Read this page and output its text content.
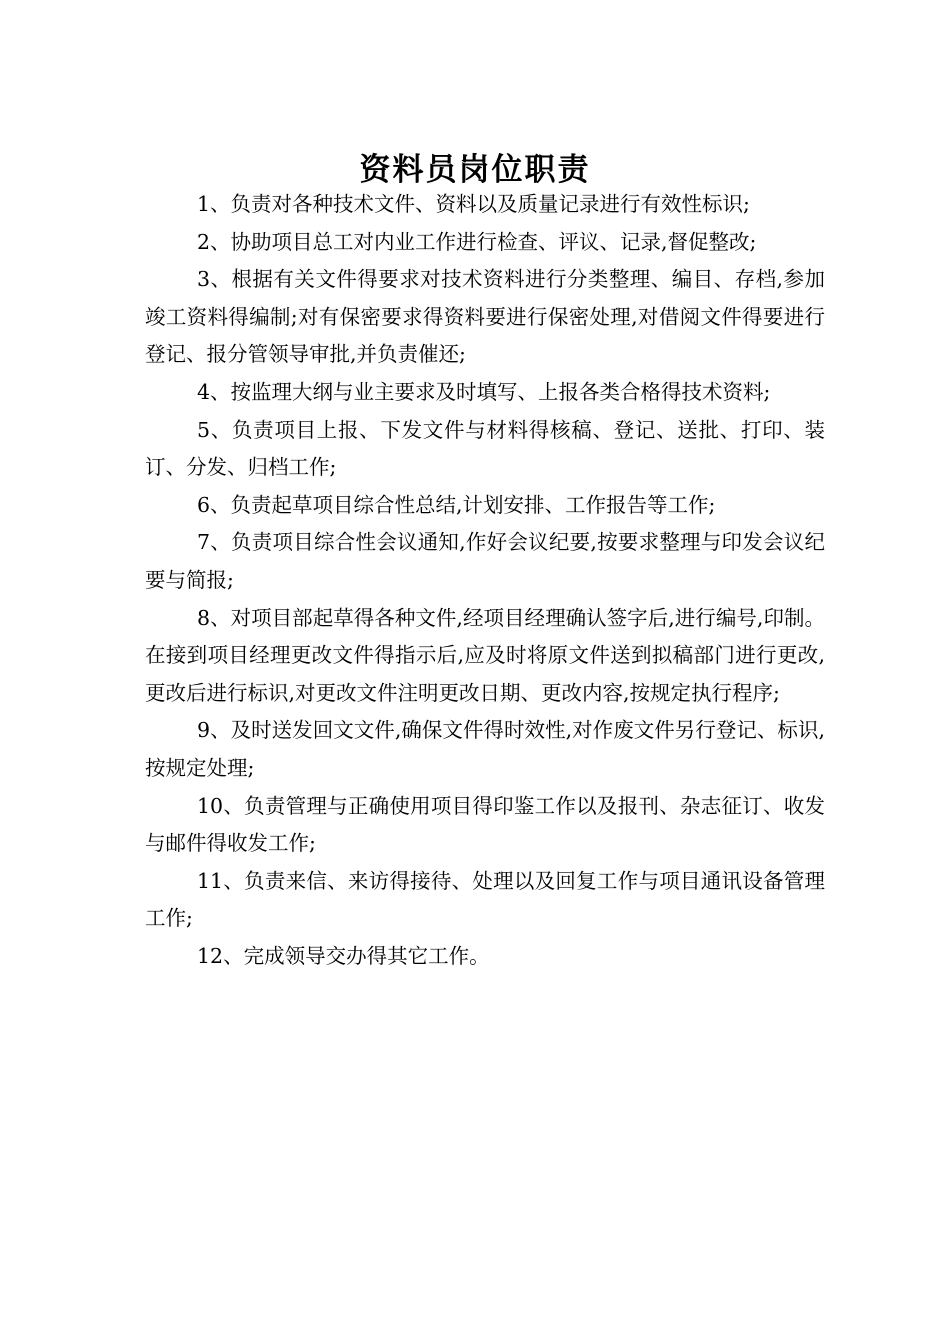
资料员岗位职责

1、负责对各种技术文件、资料以及质量记录进行有效性标识;

2、协助项目总工对内业工作进行检查、评议、记录,督促整改;

3、根据有关文件得要求对技术资料进行分类整理、编目、存档,参加竣工资料得编制;对有保密要求得资料要进行保密处理,对借阅文件得要进行登记、报分管领导审批,并负责催还;

4、按监理大纲与业主要求及时填写、上报各类合格得技术资料;

5、负责项目上报、下发文件与材料得核稿、登记、送批、打印、装订、分发、归档工作;

6、负责起草项目综合性总结,计划安排、工作报告等工作;

7、负责项目综合性会议通知,作好会议纪要,按要求整理与印发会议纪要与简报;

8、对项目部起草得各种文件,经项目经理确认签字后,进行编号,印制。在接到项目经理更改文件得指示后,应及时将原文件送到拟稿部门进行更改,更改后进行标识,对更改文件注明更改日期、更改内容,按规定执行程序;

9、及时送发回文文件,确保文件得时效性,对作废文件另行登记、标识,按规定处理;

10、负责管理与正确使用项目得印鉴工作以及报刊、杂志征订、收发与邮件得收发工作;

11、负责来信、来访得接待、处理以及回复工作与项目通讯设备管理工作;

12、完成领导交办得其它工作。
